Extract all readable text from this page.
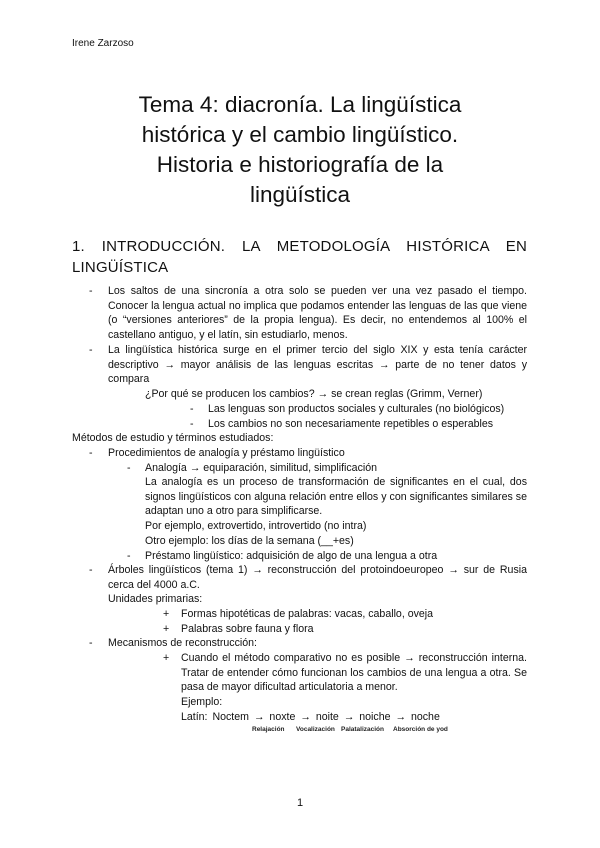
Irene Zarzoso
Tema 4: diacronía. La lingüística
histórica y el cambio lingüístico.
Historia e historiografía de la
lingüística
1. INTRODUCCIÓN. LA METODOLOGÍA HISTÓRICA EN
LINGÜÍSTICA
- Los saltos de una sincronía a otra solo se pueden ver una vez pasado el tiempo. Conocer la lengua actual no implica que podamos entender las lenguas de las que viene (o “versiones anteriores” de la propia lengua). Es decir, no entendemos al 100% el castellano antiguo, y el latín, sin estudiarlo, menos.
- La lingüística histórica surge en el primer tercio del siglo XIX y esta tenía carácter descriptivo → mayor análisis de las lenguas escritas → parte de no tener datos y compara
¿Por qué se producen los cambios? → se crean reglas (Grimm, Verner)
- Las lenguas son productos sociales y culturales (no biológicos)
- Los cambios no son necesariamente repetibles o esperables
Métodos de estudio y términos estudiados:
- Procedimientos de analogía y préstamo lingüístico
- Analogía → equiparación, similitud, simplificación
La analogía es un proceso de transformación de significantes en el cual, dos signos lingüísticos con alguna relación entre ellos y con significantes similares se adaptan uno a otro para simplificarse.
Por ejemplo, extrovertido, introvertido (no intra)
Otro ejemplo: los días de la semana (__+es)
- Préstamo lingüístico: adquisición de algo de una lengua a otra
- Árboles lingüísticos (tema 1) → reconstrucción del protoindoeuropeo → sur de Rusia cerca del 4000 a.C.
Unidades primarias:
+ Formas hipotéticas de palabras: vacas, caballo, oveja
+ Palabras sobre fauna y flora
- Mecanismos de reconstrucción:
+ Cuando el método comparativo no es posible → reconstrucción interna. Tratar de entender cómo funcionan los cambios de una lengua a otra. Se pasa de mayor dificultad articulatoria a menor.
Ejemplo:
Latín: Noctem → noxte → noite → noiche → noche
Relajación Vocalización Palatalización Absorción de yod
1
